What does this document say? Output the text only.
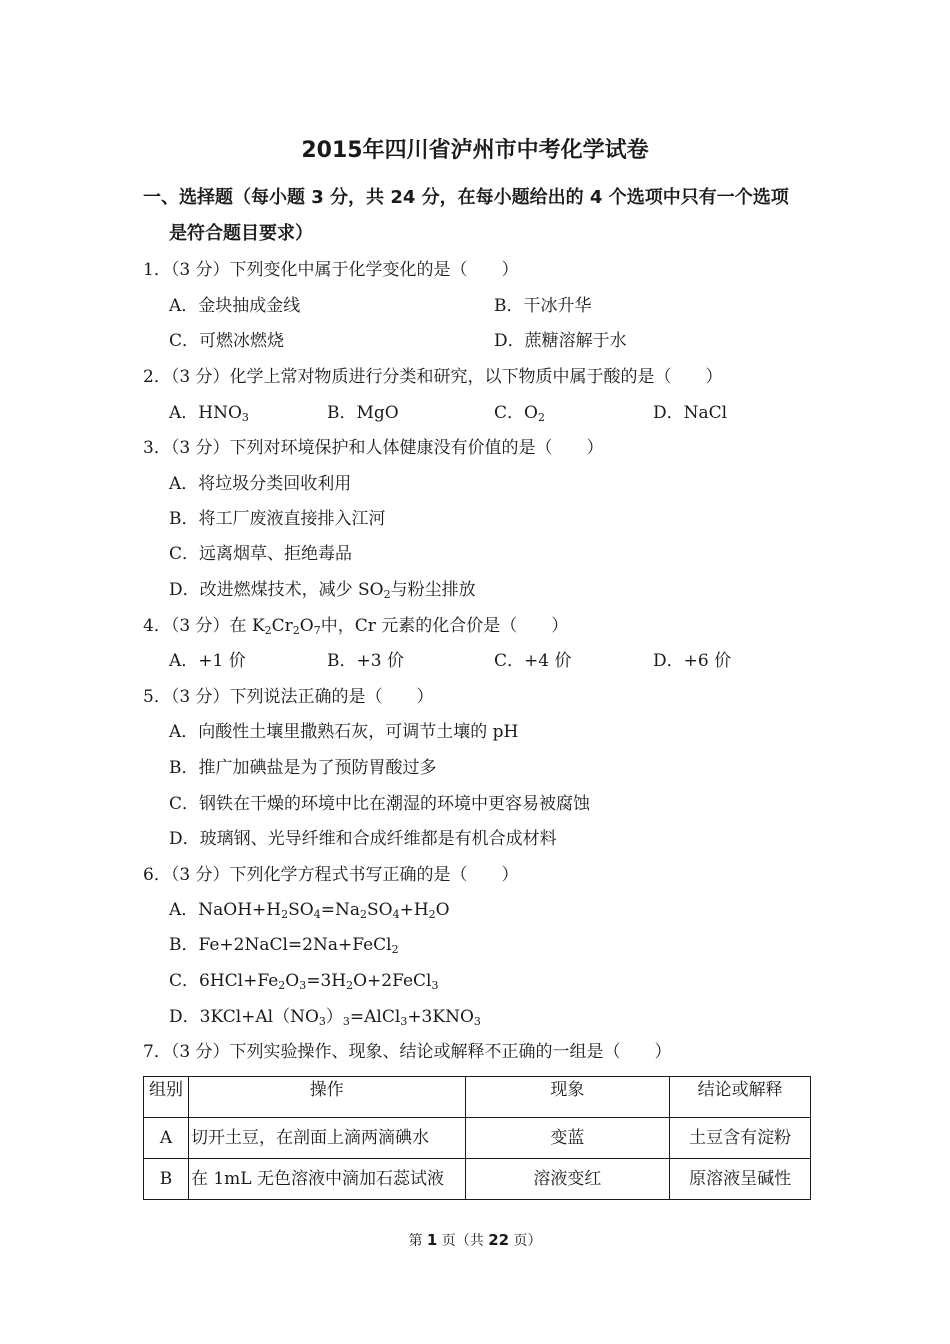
2015年四川省泸州市中考化学试卷
一、选择题（每小题 3 分，共 24 分，在每小题给出的 4 个选项中只有一个选项
是符合题目要求）
1．（3 分）下列变化中属于化学变化的是（　　）
A．金块抽成金线	B．干冰升华
C．可燃冰燃烧	D．蔗糖溶解于水
2．（3 分）化学上常对物质进行分类和研究，以下物质中属于酸的是（　　）
A．$HNO_3$	B．MgO	C．$O_2$	D．NaCl
3．（3 分）下列对环境保护和人体健康没有价值的是（　　）
A．将垃圾分类回收利用
B．将工厂废液直接排入江河
C．远离烟草、拒绝毒品
D．改进燃煤技术，减少 $SO_2$与粉尘排放
4．（3 分）在 $K_2Cr_2O_7$中，Cr 元素的化合价是（　　）
A．+1 价	B．+3 价	C．+4 价	D．+6 价
5．（3 分）下列说法正确的是（　　）
A．向酸性土壤里撒熟石灰，可调节土壤的 pH
B．推广加碘盐是为了预防胃酸过多
C．钢铁在干燥的环境中比在潮湿的环境中更容易被腐蚀
D．玻璃钢、光导纤维和合成纤维都是有机合成材料
6．（3 分）下列化学方程式书写正确的是（　　）
A．$NaOH+H_2SO_4=Na_2SO_4+H_2O$
B．Fe+2NaCl=2Na+FeCl$_2$
C．$6HCl+Fe_2O_3=3H_2O+2FeCl_3$
D．$3KCl+Al(NO_3)_3=AlCl_3+3KNO_3$
7．（3 分）下列实验操作、现象、结论或解释不正确的一组是（　　）
组别	操作	现象	结论或解释
A	切开土豆，在剖面上滴两滴碘水	变蓝	土豆含有淀粉
B	在 1mL 无色溶液中滴加石蕊试液	溶液变红	原溶液呈碱性
第 1 页（共 22 页）
